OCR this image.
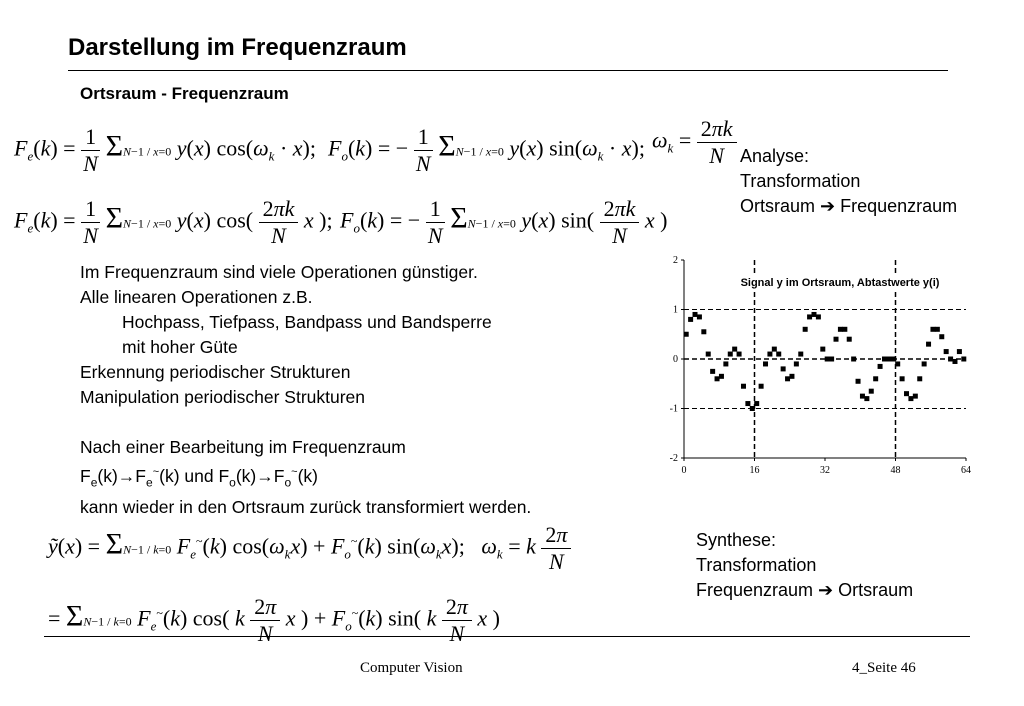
Darstellung im Frequenzraum
Ortsraum - Frequenzraum
$F_e(k) = \frac{1}{N} \Sigma N-1 / x=0$ y(x) $\cos(\omega_k \cdot x)$; $F_o(k)$ = − $\frac{1}{N} \Sigma N-1 / x=0$ y(x) $\sin(\omega_k \cdot x)$; $\omega_k = \frac{2\pi k}{N}$ Analyse:
Transformation
Ortsraum ➔ Frequenzraum
$F_e(k) = \frac{1}{N} \Sigma N-1 / x=0$ y(x) $\cos( \frac{2\pi k}{N}$ x ); $F_o(k)$ = − $\frac{1}{N} \Sigma N-1 / x=0$ y(x) $\sin( \frac{2\pi k}{N}$ x )
Im Frequenzraum sind viele Operationen günstiger.
Alle linearen Operationen z.B.
Hochpass, Tiefpass, Bandpass und Bandsperre
mit hoher Güte
Erkennung periodischer Strukturen
Manipulation periodischer Strukturen
Nach einer Bearbeitung im Frequenzraum
$F_e(k)\to F_e^\sim(k)$ und $F_o(k)\to F_o^\sim(k)$
kann wieder in den Ortsraum zurück transformiert werden.
2
1
0
-1
-2
0	16	32	48	64
Signal y im Ortsraum, Abtastwerte y(i)
ỹ(x) = ΣN−1 / k=0 $F_e^\sim(k) \cos(\omega_kx) + F_o^\sim(k)$ $\sin(\omega_kx)$;   $\omega_k = k \frac{2\pi}{N}$
= ΣN−1 / k=0 $F_e^\sim(k)$ cos( k $\frac{2\pi}{N}$ x ) + $F_o^\sim(k)$ sin( k $\frac{2\pi}{N}$ x )
Synthese:
Transformation
Frequenzraum ➔ Ortsraum
Computer Vision	4_Seite 46
